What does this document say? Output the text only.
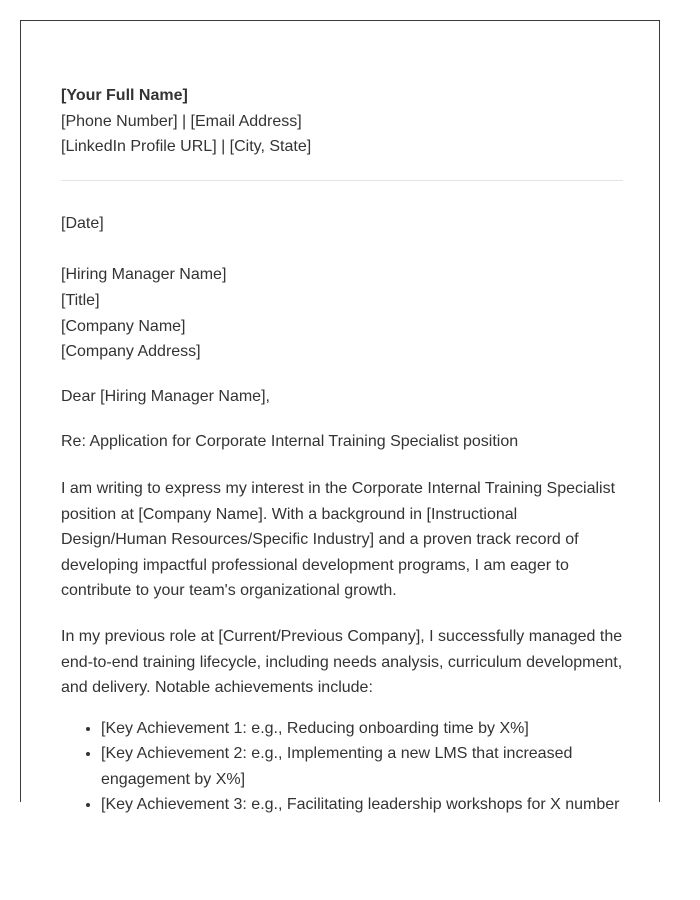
[Your Full Name]
[Phone Number] | [Email Address]
[LinkedIn Profile URL] | [City, State]
[Date]
[Hiring Manager Name]
[Title]
[Company Name]
[Company Address]

Dear [Hiring Manager Name],

Re: Application for Corporate Internal Training Specialist position

I am writing to express my interest in the Corporate Internal Training Specialist position at [Company Name]. With a background in [Instructional Design/Human Resources/Specific Industry] and a proven track record of developing impactful professional development programs, I am eager to contribute to your team's organizational growth.

In my previous role at [Current/Previous Company], I successfully managed the end-to-end training lifecycle, including needs analysis, curriculum development, and delivery. Notable achievements include:

• [Key Achievement 1: e.g., Reducing onboarding time by X%]
• [Key Achievement 2: e.g., Implementing a new LMS that increased engagement by X%]
• [Key Achievement 3: e.g., Facilitating leadership workshops for X number
